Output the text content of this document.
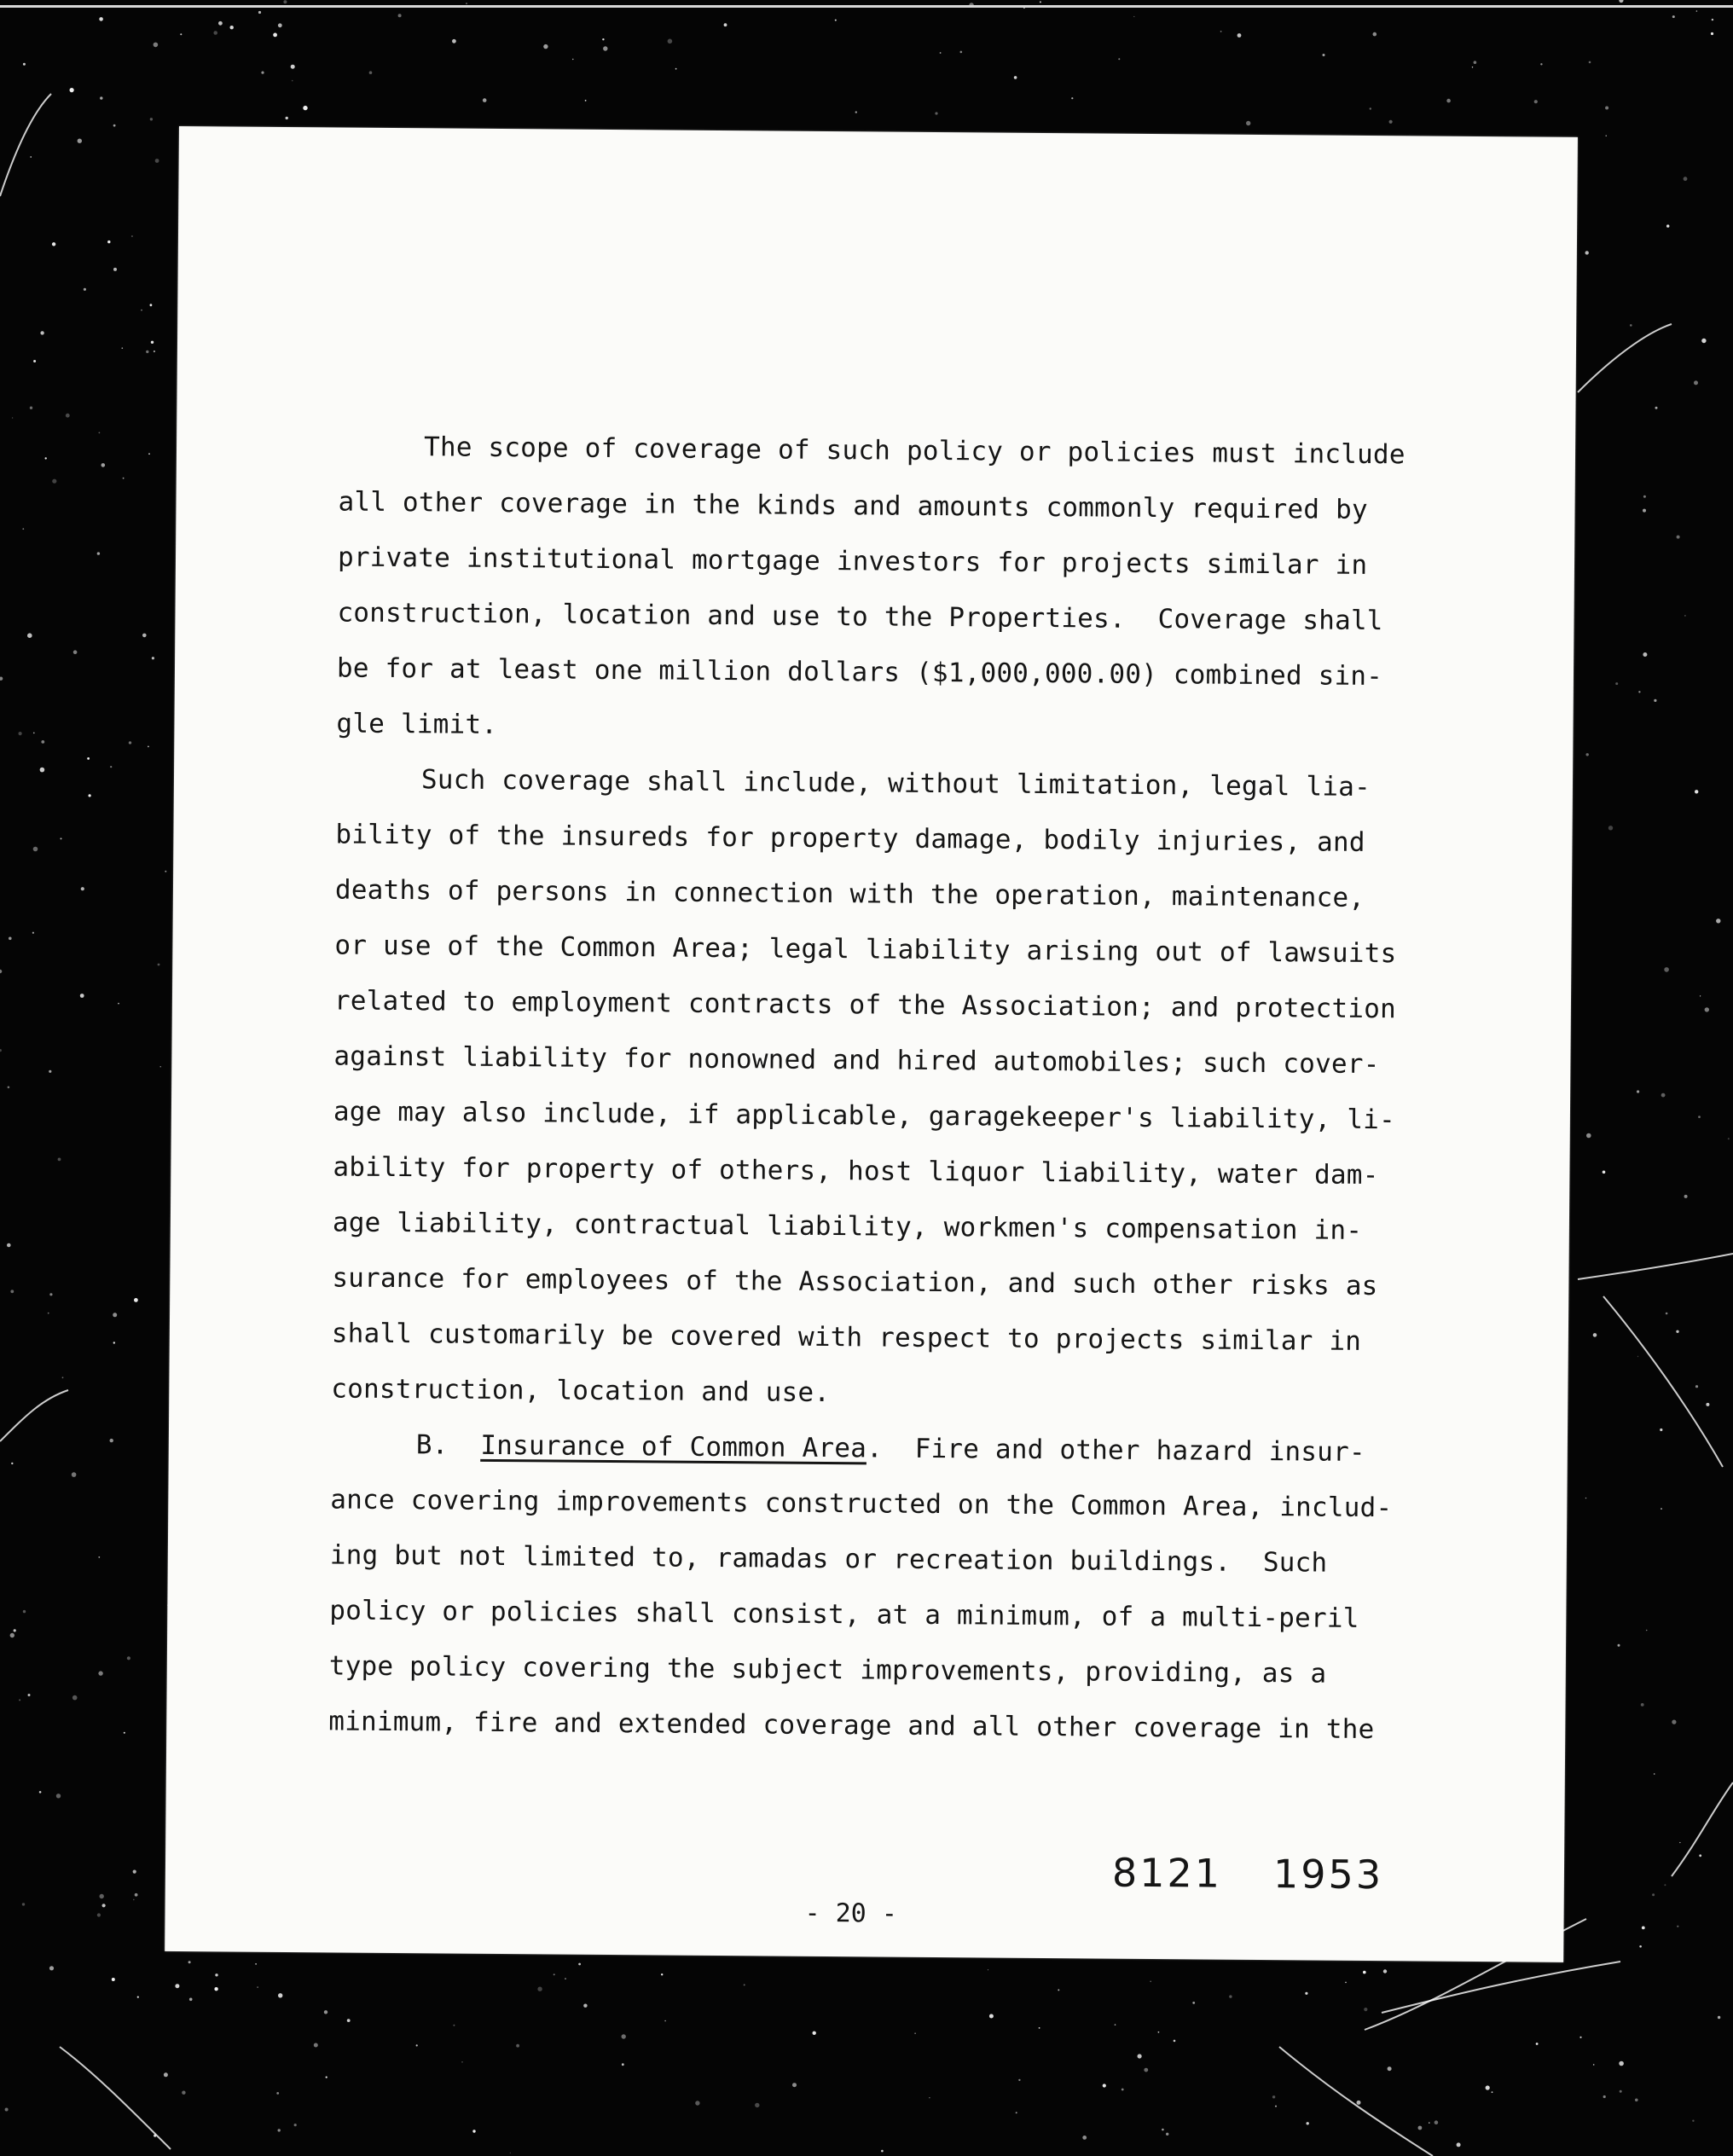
The scope of coverage of such policy or policies must include
all other coverage in the kinds and amounts commonly required by
private institutional mortgage investors for projects similar in
construction, location and use to the Properties.  Coverage shall
be for at least one million dollars ($1,000,000.00) combined sin-
gle limit.
Such coverage shall include, without limitation, legal lia-
bility of the insureds for property damage, bodily injuries, and
deaths of persons in connection with the operation, maintenance,
or use of the Common Area; legal liability arising out of lawsuits
related to employment contracts of the Association; and protection
against liability for nonowned and hired automobiles; such cover-
age may also include, if applicable, garagekeeper's liability, li-
ability for property of others, host liquor liability, water dam-
age liability, contractual liability, workmen's compensation in-
surance for employees of the Association, and such other risks as
shall customarily be covered with respect to projects similar in
construction, location and use.
B. Insurance of Common Area. Fire and other hazard insur-
ance covering improvements constructed on the Common Area, includ-
ing but not limited to, ramadas or recreation buildings.  Such
policy or policies shall consist, at a minimum, of a multi-peril
type policy covering the subject improvements, providing, as a
minimum, fire and extended coverage and all other coverage in the
8121 1953
- 20 -
